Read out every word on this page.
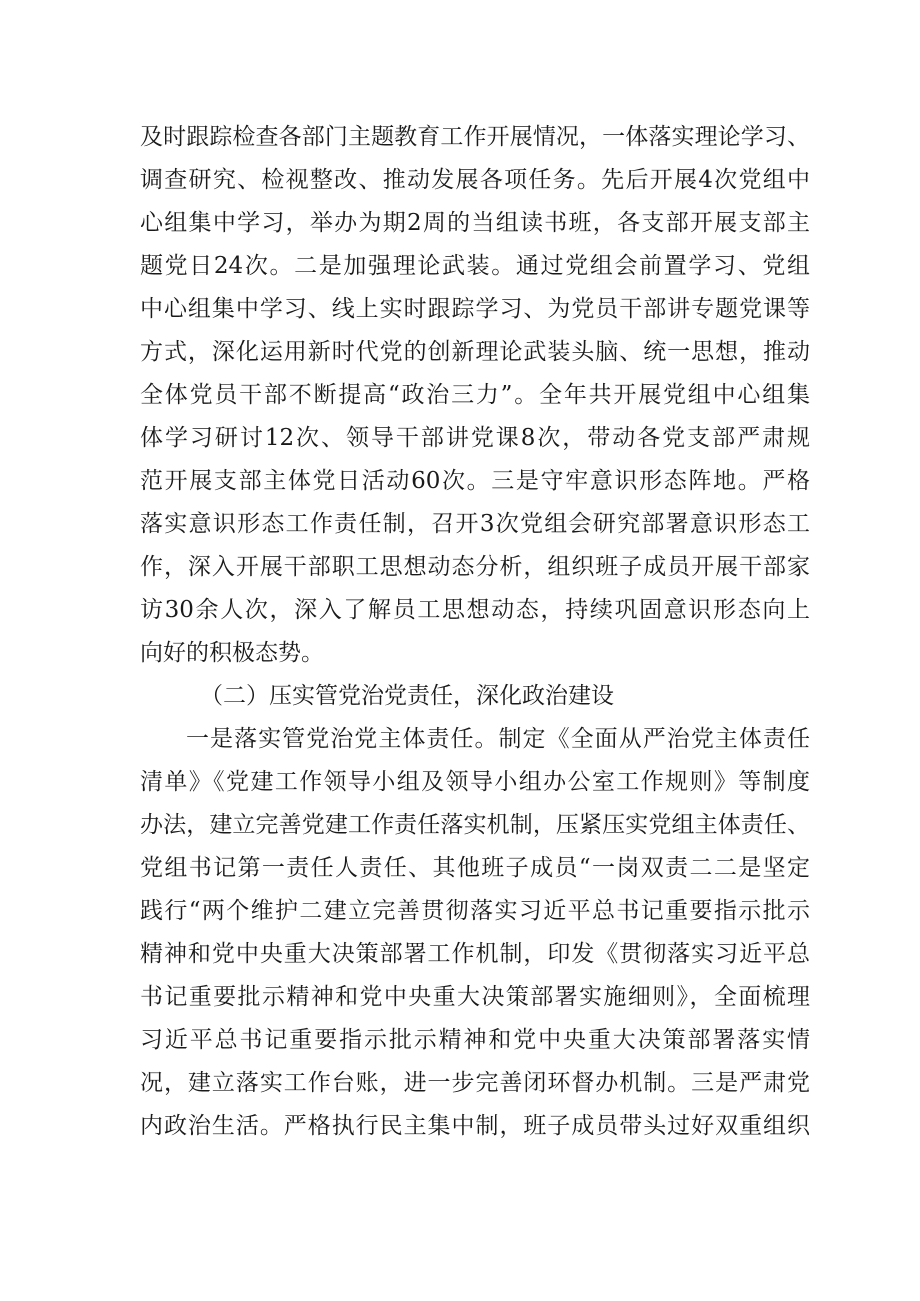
及时跟踪检查各部门主题教育工作开展情况，一体落实理论学习、
调查研究、检视整改、推动发展各项任务。先后开展4次党组中
心组集中学习，举办为期2周的当组读书班，各支部开展支部主
题党日24次。二是加强理论武装。通过党组会前置学习、党组
中心组集中学习、线上实时跟踪学习、为党员干部讲专题党课等
方式，深化运用新时代党的创新理论武装头脑、统一思想，推动
全体党员干部不断提高“政治三力”。全年共开展党组中心组集
体学习研讨12次、领导干部讲党课8次，带动各党支部严肃规
范开展支部主体党日活动60次。三是守牢意识形态阵地。严格
落实意识形态工作责任制，召开3次党组会研究部署意识形态工
作，深入开展干部职工思想动态分析，组织班子成员开展干部家
访30余人次，深入了解员工思想动态，持续巩固意识形态向上
向好的积极态势。
（二）压实管党治党责任，深化政治建设
一是落实管党治党主体责任。制定《全面从严治党主体责任
清单》《党建工作领导小组及领导小组办公室工作规则》等制度
办法，建立完善党建工作责任落实机制，压紧压实党组主体责任、
党组书记第一责任人责任、其他班子成员“一岗双责二二是坚定
践行“两个维护二建立完善贯彻落实习近平总书记重要指示批示
精神和党中央重大决策部署工作机制，印发《贯彻落实习近平总
书记重要批示精神和党中央重大决策部署实施细则》，全面梳理
习近平总书记重要指示批示精神和党中央重大决策部署落实情
况，建立落实工作台账，进一步完善闭环督办机制。三是严肃党
内政治生活。严格执行民主集中制，班子成员带头过好双重组织
